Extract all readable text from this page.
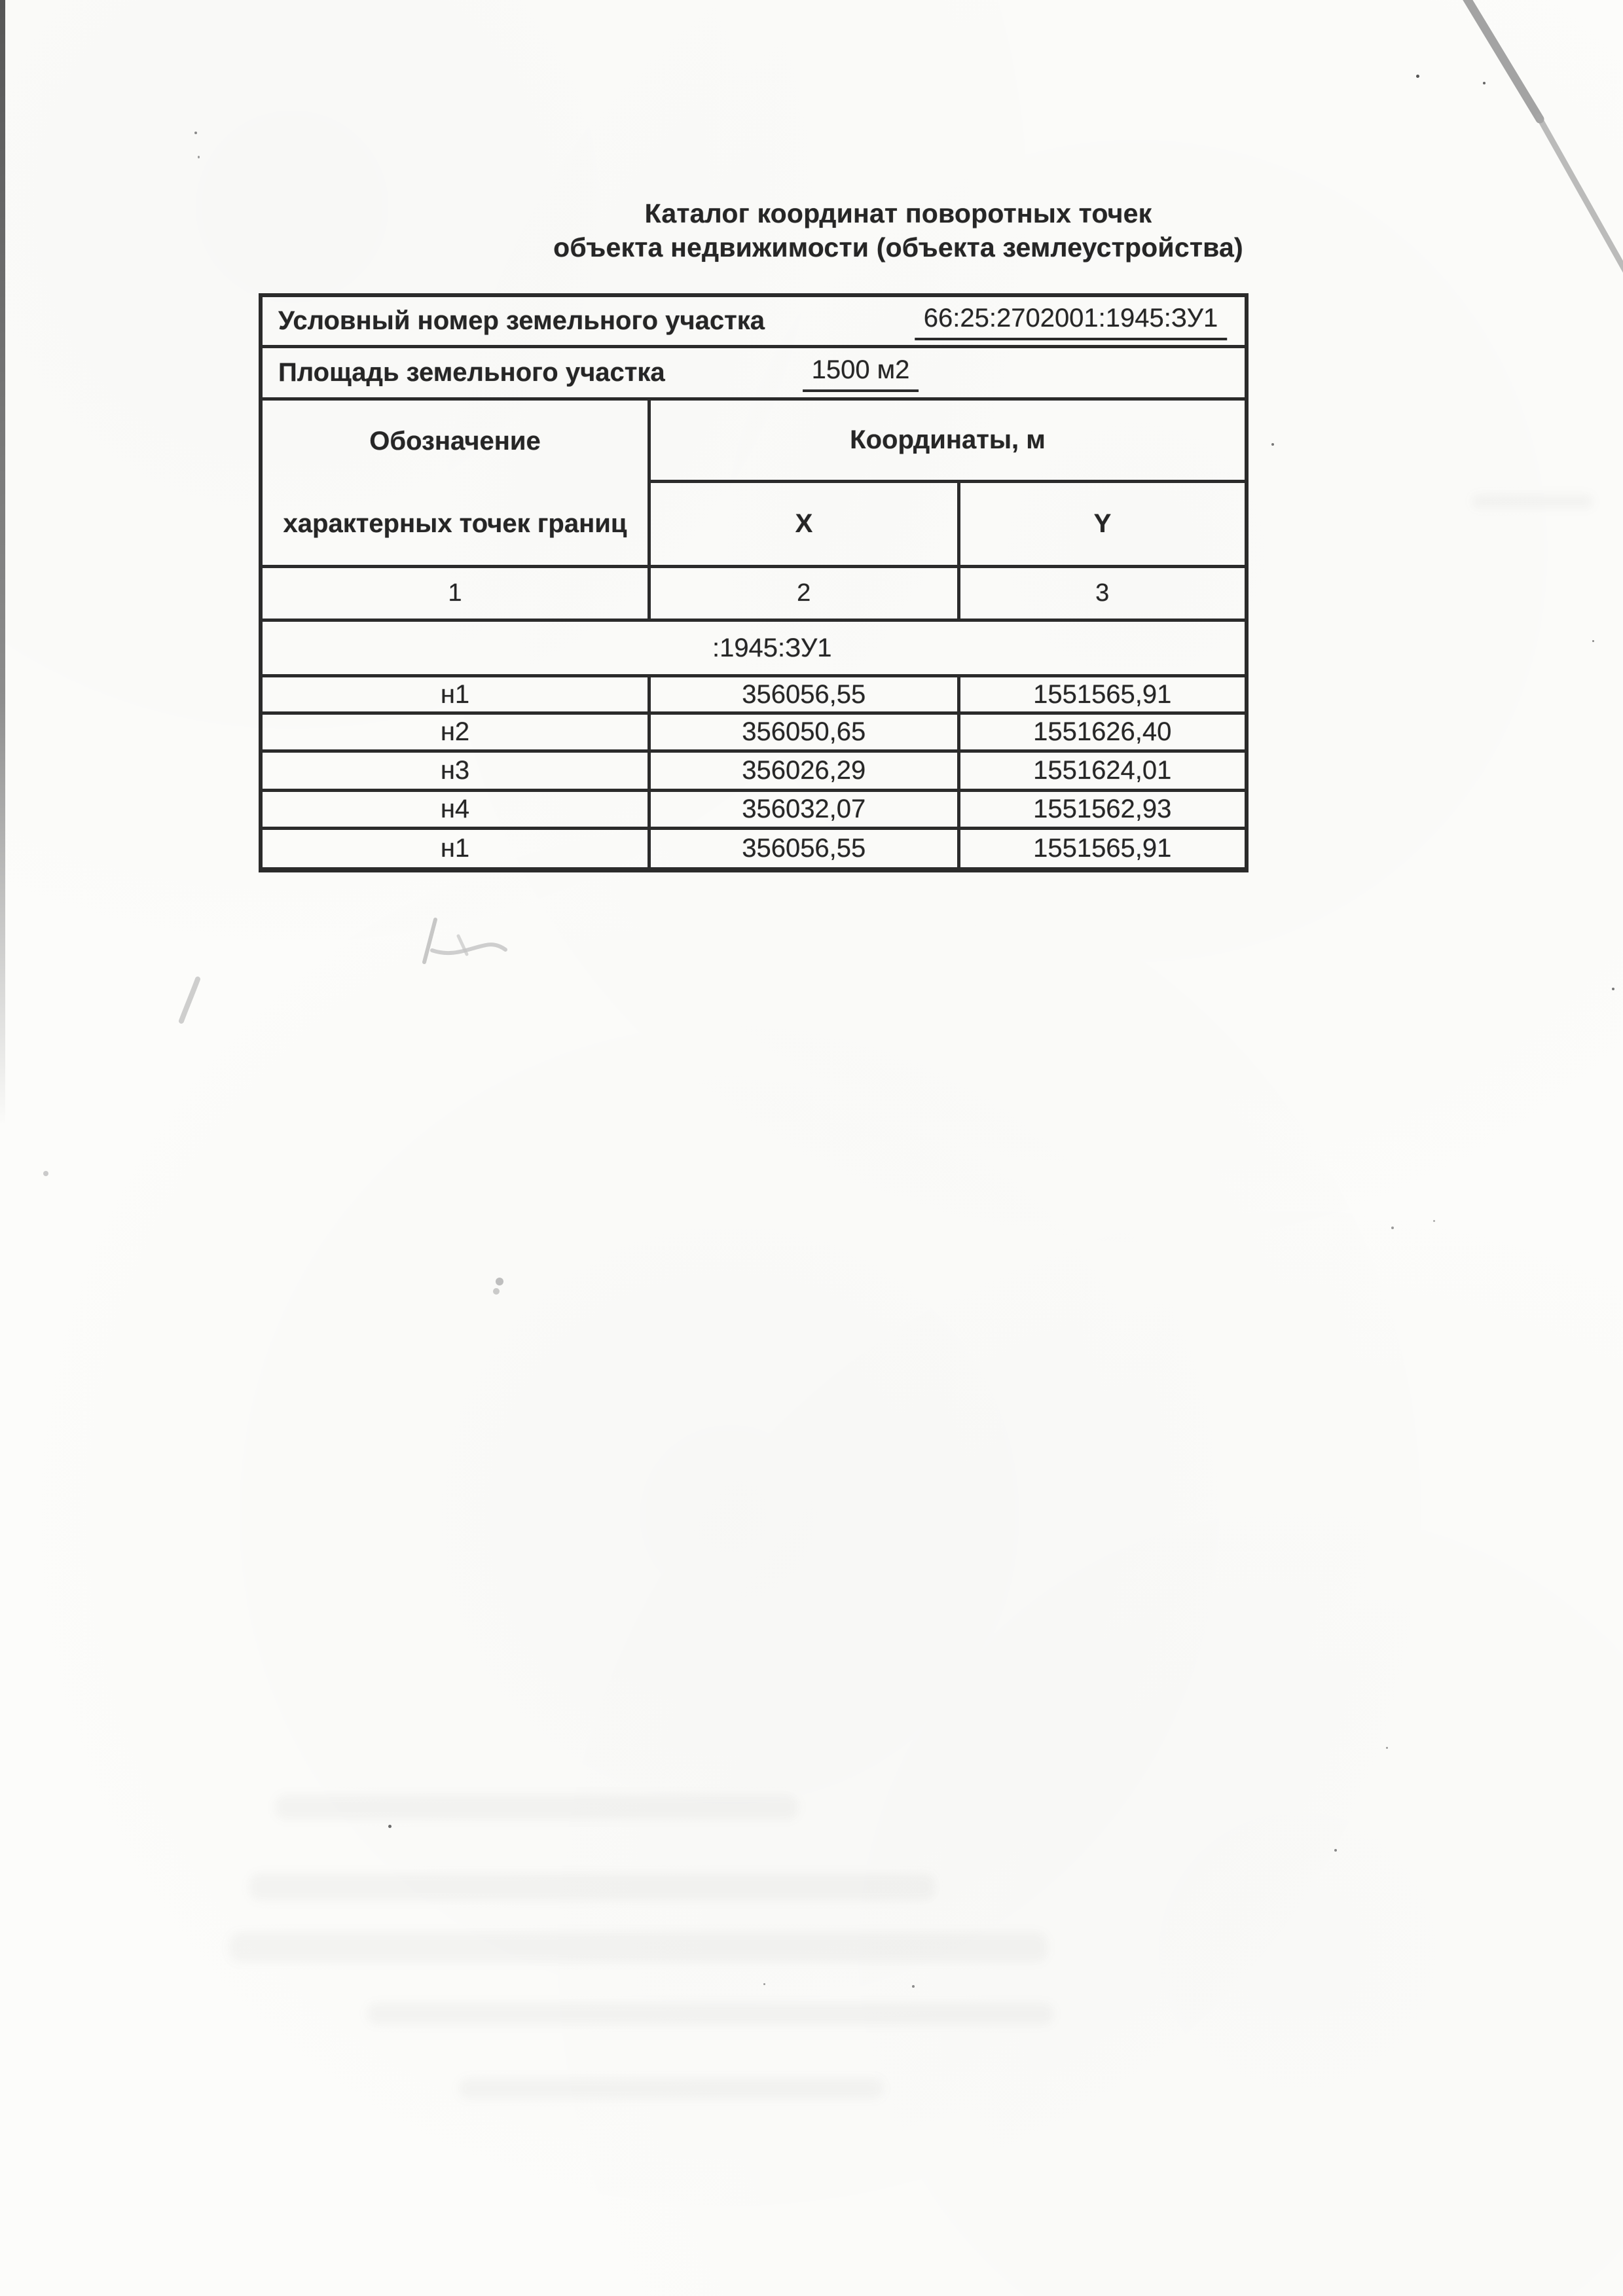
Каталог координат поворотных точек
объекта недвижимости (объекта землеустройства)
Условный номер земельного участка	66:25:2702001:1945:ЗУ1
Площадь земельного участка	1500 м2
Обозначение
характерных точек границ
Координаты, м
X	Y
1	2	3
:1945:ЗУ1
н1	356056,55	1551565,91
н2	356050,65	1551626,40
н3	356026,29	1551624,01
н4	356032,07	1551562,93
н1	356056,55	1551565,91
